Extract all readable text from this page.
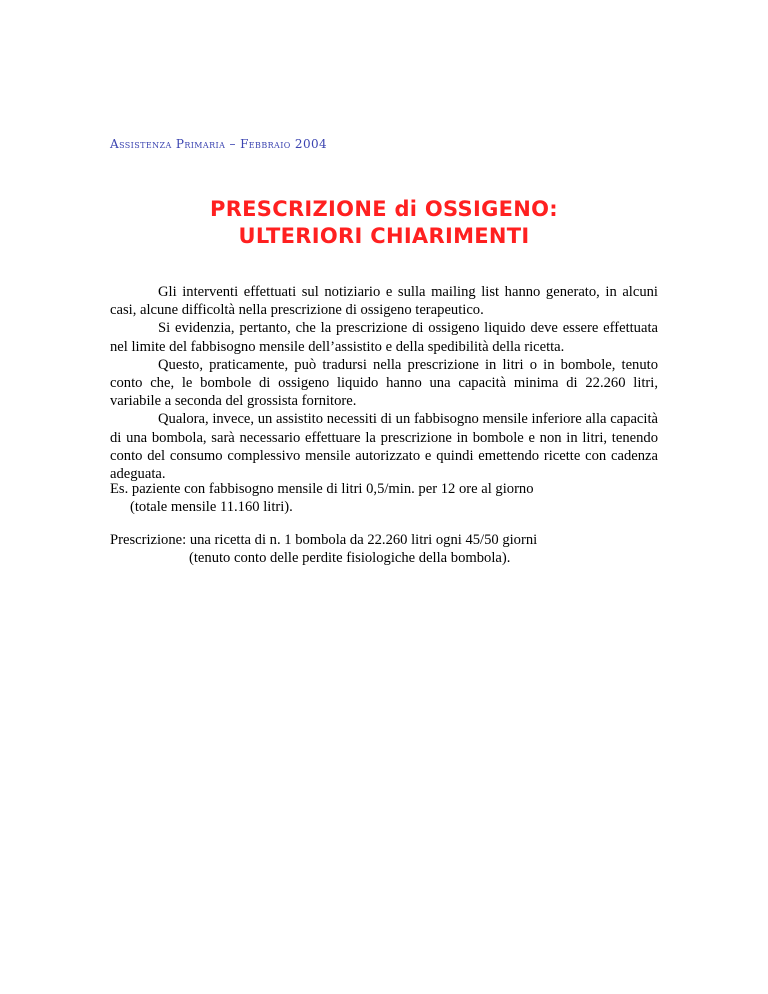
Assistenza Primaria – Febbraio 2004
PRESCRIZIONE di OSSIGENO:
ULTERIORI CHIARIMENTI

Gli interventi effettuati sul notiziario e sulla mailing list hanno generato, in alcuni casi, alcune difficoltà nella prescrizione di ossigeno terapeutico.

Si evidenzia, pertanto, che la prescrizione di ossigeno liquido deve essere effettuata nel limite del fabbisogno mensile dell’assistito e della spedibilità della ricetta.

Questo, praticamente, può tradursi nella prescrizione in litri o in bombole, tenuto conto che, le bombole di ossigeno liquido hanno una capacità minima di 22.260 litri, variabile a seconda del grossista fornitore.

Qualora, invece, un assistito necessiti di un fabbisogno mensile inferiore alla capacità di una bombola, sarà necessario effettuare la prescrizione in bombole e non in litri, tenendo conto del consumo complessivo mensile autorizzato e quindi emettendo ricette con cadenza adeguata.

Es. paziente con fabbisogno mensile di litri 0,5/min. per 12 ore al giorno
(totale mensile 11.160 litri).
Prescrizione: una ricetta di n. 1 bombola da 22.260 litri ogni 45/50 giorni
(tenuto conto delle perdite fisiologiche della bombola).
